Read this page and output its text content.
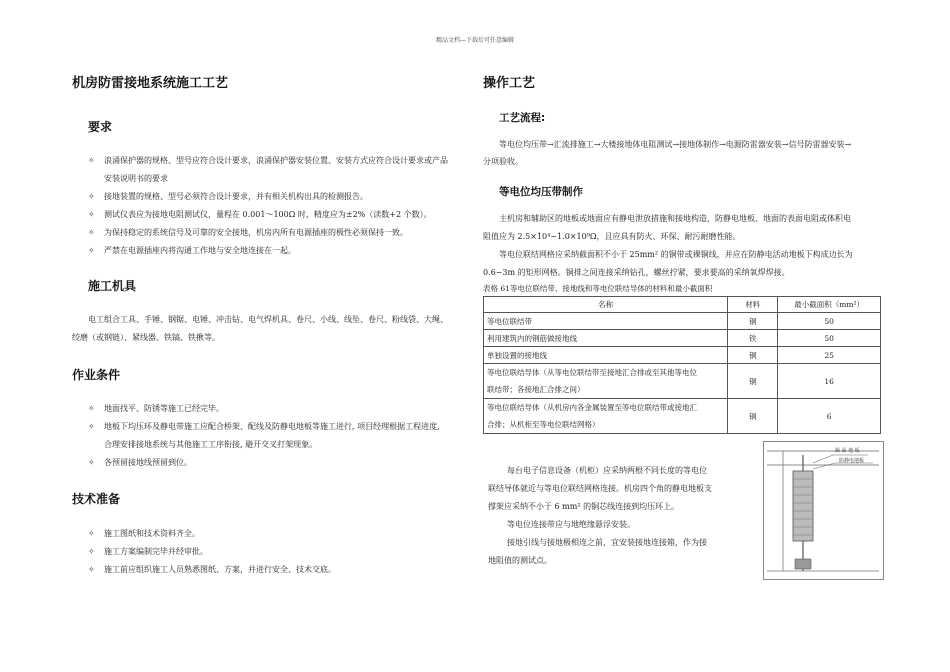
精品文档---下载后可任意编辑
机房防雷接地系统施工工艺
要求
✧ 浪涌保护器的规格、型号应符合设计要求，浪涌保护器安装位置、安装方式应符合设计要求或产品
安装说明书的要求
✧ 接地装置的规格、型号必须符合设计要求，并有相关机构出具的检测报告。
✧ 测试仪表应为接地电阻测试仪，量程在 0.001～100Ω 时，精度应为±2%（读数+2 个数）。
✧ 为保持稳定的系统信号及可靠的安全接地，机房内所有电源插座的极性必须保持一致。
✧ 严禁在电源插座内将沟通工作地与安全地连接在一起。
施工机具
电工组合工具、手锤、钢锯、电锤、冲击钻、电气焊机具、卷尺、小线、线坠、卷尺、粉线袋、大绳、
绞磨（或钢链）、紧线器、铁镐、铁揪等。
作业条件
✧ 地面找平、防锈等施工已经完毕。
✧ 地板下均压环及静电带施工应配合桥架、配线及防静电地板等施工进行, 项目经理根据工程进度,
合理安排接地系统与其他施工工序衔接, 避开交叉打架现象。
✧ 各预留接地线预留到位。
技术准备
✧ 施工图纸和技术资料齐全。
✧ 施工方案编制完毕并经审批。
✧ 施工前应组织施工人员熟悉图纸、方案，并进行安全、技术交底。
操作工艺
工艺流程:
等电位均压带→汇流排施工→大楼接地体电阻测试→接地体制作→电源防雷器安装→信号防雷器安装→
分项验收。
等电位均压带制作
主机房和辅助区的地板或地面应有静电泄放措施和接地构造，防静电地板、地面的表面电阻或体积电
阻值应为 2.5×10⁴~1.0×10⁹Ω，且应具有防火、环保、耐污耐磨性能。
等电位联结网格应采纳截面积不小于 25mm² 的铜带或裸铜线，并应在防静电活动地板下构成边长为
0.6~3m 的矩形网格。铜排之间连接采纳钻孔，螺丝拧紧，要求要高的采纳氧焊焊接。
表格 61等电位联结带、接地线和等电位联结导体的材料和最小截面积
名称	材料	最小截面积（mm²）
等电位联结带	铜	50
利用建筑内的钢筋做接地线	铁	50
单独设置的接地线	铜	25

等电位联结导体（从等电位联结带至接地汇合排或至其他等电位
联结带；各接地汇合排之间）	铜	16

等电位联结导体（从机房内各金属装置至等电位联结带或接地汇
合排；从机柜至等电位联结网格）	铜	6
每台电子信息设备（机柜）应采纳两根不同长度的等电位
联结导体就近与等电位联结网格连接。机房四个角的静电地板支
撑架应采纳不小于 6 mm² 的铜芯线连接到均压环上。
等电位连接带应与地绝缘悬浮安装。
接地引线与接地极相连之前，宜安装接地连接箱，作为接
地阻值的测试点。
踢 面 地 板
防静电地板
